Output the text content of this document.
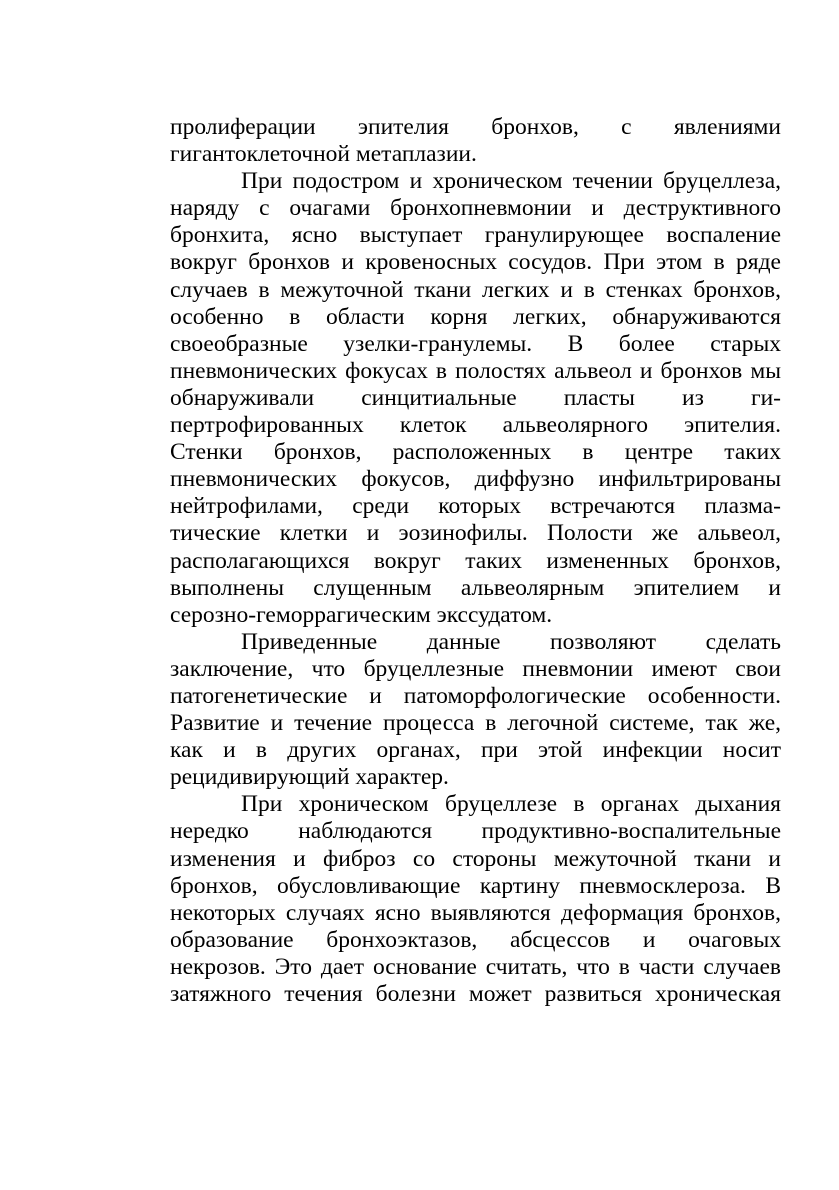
пролиферации эпителия бронхов, с явлениями
гигантоклеточной метаплазии.
При подостром и хроническом течении бруцеллеза,
наряду с очагами бронхопневмонии и деструктивного
бронхита, ясно выступает гранулирующее воспаление
вокруг бронхов и кровеносных сосудов. При этом в ряде
случаев в межуточной ткани легких и в стенках бронхов,
особенно в области корня легких, обнаруживаются
своеобразные узелки-гранулемы. В более старых
пневмонических фокусах в полостях альвеол и бронхов мы
обнаруживали синцитиальные пласты из ги-
пертрофированных клеток альвеолярного эпителия.
Стенки бронхов, расположенных в центре таких
пневмонических фокусов, диффузно инфильтрированы
нейтрофилами, среди которых встречаются плазма-
тические клетки и эозинофилы. Полости же альвеол,
располагающихся вокруг таких измененных бронхов,
выполнены слущенным альвеолярным эпителием и
серозно-геморрагическим экссудатом.
Приведенные данные позволяют сделать
заключение, что бруцеллезные пневмонии имеют свои
патогенетические и патоморфологические особенности.
Развитие и течение процесса в легочной системе, так же,
как и в других органах, при этой инфекции носит
рецидивирующий характер.
При хроническом бруцеллезе в органах дыхания
нередко наблюдаются продуктивно-воспалительные
изменения и фиброз со стороны межуточной ткани и
бронхов, обусловливающие картину пневмосклероза. В
некоторых случаях ясно выявляются деформация бронхов,
образование бронхоэктазов, абсцессов и очаговых
некрозов. Это дает основание считать, что в части случаев
затяжного течения болезни может развиться хроническая
